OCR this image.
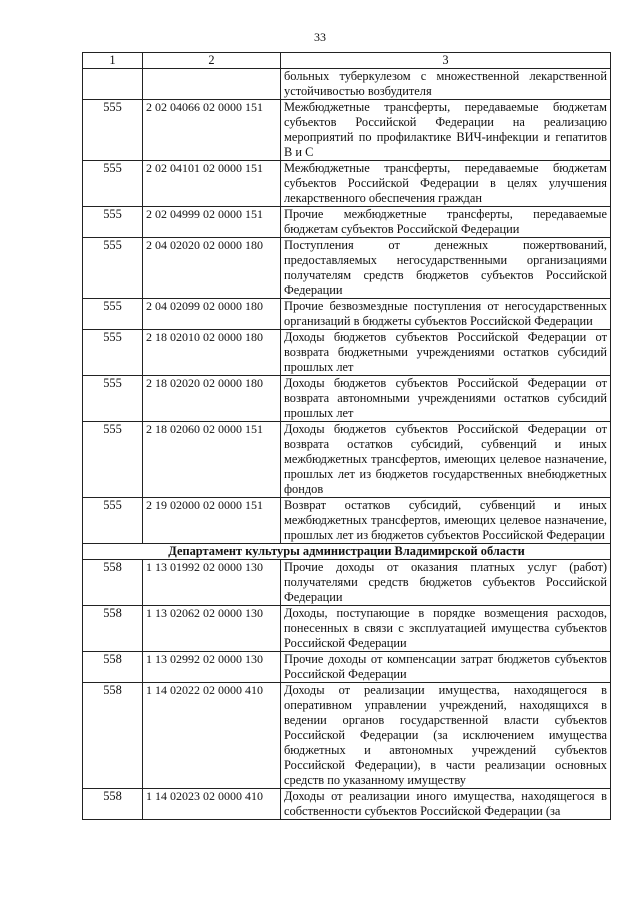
33
1	2	3
		больных туберкулезом с множественной лекарственной устойчивостью возбудителя
555	2 02 04066 02 0000 151	Межбюджетные трансферты, передаваемые бюджетам субъектов Российской Федерации на реализацию мероприятий по профилактике ВИЧ-инфекции и гепатитов B и C
555	2 02 04101 02 0000 151	Межбюджетные трансферты, передаваемые бюджетам субъектов Российской Федерации в целях улучшения лекарственного обеспечения граждан
555	2 02 04999 02 0000 151	Прочие межбюджетные трансферты, передаваемые бюджетам субъектов Российской Федерации
555	2 04 02020 02 0000 180	Поступления от денежных пожертвований, предоставляемых негосударственными организациями получателям средств бюджетов субъектов Российской Федерации
555	2 04 02099 02 0000 180	Прочие безвозмездные поступления от негосударственных организаций в бюджеты субъектов Российской Федерации
555	2 18 02010 02 0000 180	Доходы бюджетов субъектов Российской Федерации от возврата бюджетными учреждениями остатков субсидий прошлых лет
555	2 18 02020 02 0000 180	Доходы бюджетов субъектов Российской Федерации от возврата автономными учреждениями остатков субсидий прошлых лет
555	2 18 02060 02 0000 151	Доходы бюджетов субъектов Российской Федерации от возврата остатков субсидий, субвенций и иных межбюджетных трансфертов, имеющих целевое назначение, прошлых лет из бюджетов государственных внебюджетных фондов
555	2 19 02000 02 0000 151	Возврат остатков субсидий, субвенций и иных межбюджетных трансфертов, имеющих целевое назначение, прошлых лет из бюджетов субъектов Российской Федерации
Департамент культуры администрации Владимирской области		
558	1 13 01992 02 0000 130	Прочие доходы от оказания платных услуг (работ) получателями средств бюджетов субъектов Российской Федерации
558	1 13 02062 02 0000 130	Доходы, поступающие в порядке возмещения расходов, понесенных в связи с эксплуатацией имущества субъектов Российской Федерации
558	1 13 02992 02 0000 130	Прочие доходы от компенсации затрат бюджетов субъектов Российской Федерации
558	1 14 02022 02 0000 410	Доходы от реализации имущества, находящегося в оперативном управлении учреждений, находящихся в ведении органов государственной власти субъектов Российской Федерации (за исключением имущества бюджетных и автономных учреждений субъектов Российской Федерации), в части реализации основных средств по указанному имуществу
558	1 14 02023 02 0000 410	Доходы от реализации иного имущества, находящегося в собственности субъектов Российской Федерации (за
